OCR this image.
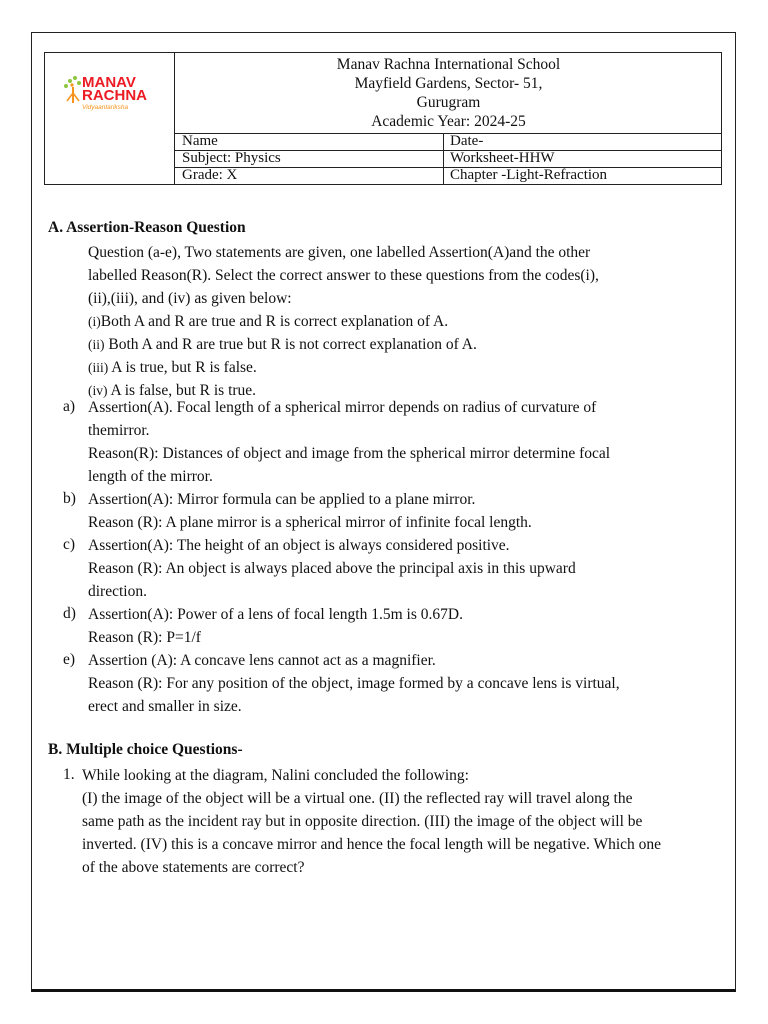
MANAV
RACHNA
Vidyaantariksha
Manav Rachna International School
Mayfield Gardens, Sector- 51,
Gurugram
Academic Year: 2024-25
Name	Date-
Subject: Physics	Worksheet-HHW
Grade: X	Chapter -Light-Refraction
A. Assertion-Reason Question
Question (a-e), Two statements are given, one labelled Assertion(A)and the other
labelled Reason(R). Select the correct answer to these questions from the codes(i),
(ii),(iii), and (iv) as given below:
(i)Both A and R are true and R is correct explanation of A.
(ii) Both A and R are true but R is not correct explanation of A.
(iii) A is true, but R is false.
(iv) A is false, but R is true.
a) Assertion(A). Focal length of a spherical mirror depends on radius of curvature of
themirror.
Reason(R): Distances of object and image from the spherical mirror determine focal
length of the mirror.
b) Assertion(A): Mirror formula can be applied to a plane mirror.
Reason (R): A plane mirror is a spherical mirror of infinite focal length.
c) Assertion(A): The height of an object is always considered positive.
Reason (R): An object is always placed above the principal axis in this upward
direction.
d) Assertion(A): Power of a lens of focal length 1.5m is 0.67D.
Reason (R): P=1/f
e) Assertion (A): A concave lens cannot act as a magnifier.
Reason (R): For any position of the object, image formed by a concave lens is virtual,
erect and smaller in size.
B. Multiple choice Questions-
1. While looking at the diagram, Nalini concluded the following:
(I) the image of the object will be a virtual one. (II) the reflected ray will travel along the
same path as the incident ray but in opposite direction. (III) the image of the object will be
inverted. (IV) this is a concave mirror and hence the focal length will be negative. Which one
of the above statements are correct?
